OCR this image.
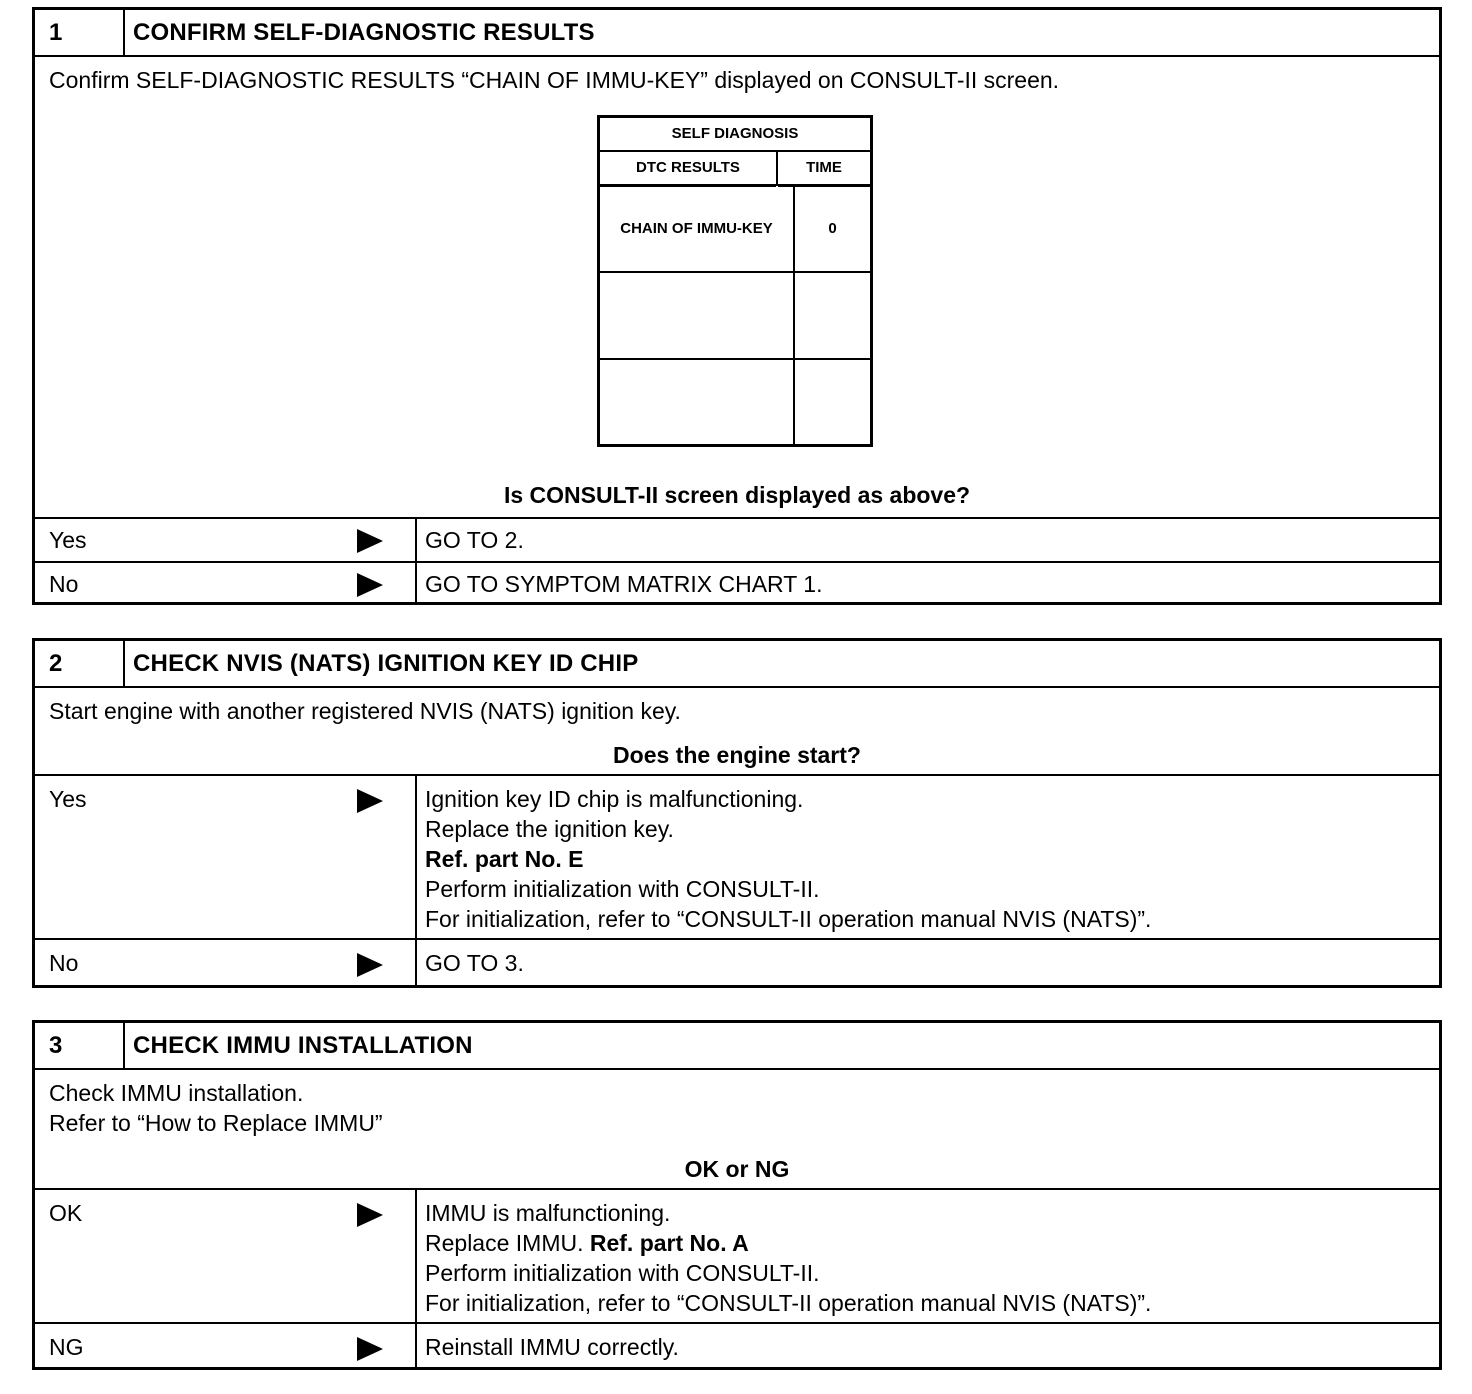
1	CONFIRM SELF-DIAGNOSTIC RESULTS
Confirm SELF-DIAGNOSTIC RESULTS “CHAIN OF IMMU-KEY” displayed on CONSULT-II screen.
SELF DIAGNOSIS
DTC RESULTS	TIME
CHAIN OF IMMU-KEY	0
Is CONSULT-II screen displayed as above?
Yes	GO TO 2.
No	GO TO SYMPTOM MATRIX CHART 1.
2	CHECK NVIS (NATS) IGNITION KEY ID CHIP
Start engine with another registered NVIS (NATS) ignition key.
Does the engine start?
Yes	Ignition key ID chip is malfunctioning.
Replace the ignition key.
Ref. part No. E
Perform initialization with CONSULT-II.
For initialization, refer to “CONSULT-II operation manual NVIS (NATS)”.
No	GO TO 3.
3	CHECK IMMU INSTALLATION
Check IMMU installation.
Refer to “How to Replace IMMU”
OK or NG
OK	IMMU is malfunctioning.
Replace IMMU. Ref. part No. A
Perform initialization with CONSULT-II.
For initialization, refer to “CONSULT-II operation manual NVIS (NATS)”.
NG	Reinstall IMMU correctly.
